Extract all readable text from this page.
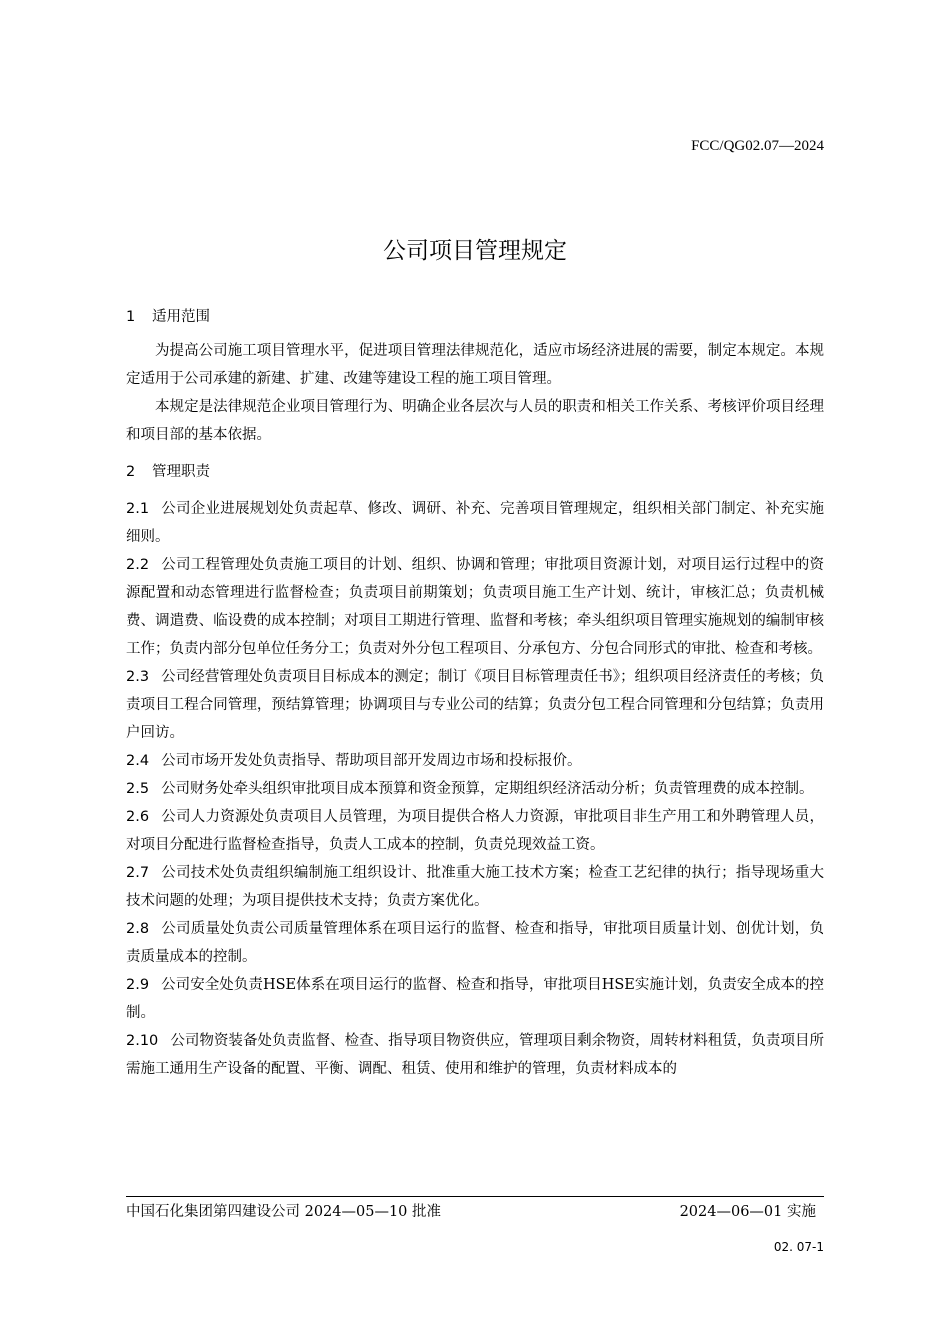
FCC/QG02.07—2024
公司项目管理规定
1 适用范围

为提高公司施工项目管理水平，促进项目管理法律规范化，适应市场经济进展的需要，制定本规定。本规定适用于公司承建的新建、扩建、改建等建设工程的施工项目管理。

本规定是法律规范企业项目管理行为、明确企业各层次与人员的职责和相关工作关系、考核评价项目经理和项目部的基本依据。

2 管理职责

2.1 公司企业进展规划处负责起草、修改、调研、补充、完善项目管理规定，组织相关部门制定、补充实施细则。

2.2 公司工程管理处负责施工项目的计划、组织、协调和管理；审批项目资源计划，对项目运行过程中的资源配置和动态管理进行监督检查；负责项目前期策划；负责项目施工生产计划、统计，审核汇总；负责机械费、调遣费、临设费的成本控制；对项目工期进行管理、监督和考核；牵头组织项目管理实施规划的编制审核工作；负责内部分包单位任务分工；负责对外分包工程项目、分承包方、分包合同形式的审批、检查和考核。

2.3 公司经营管理处负责项目目标成本的测定；制订《项目目标管理责任书》；组织项目经济责任的考核；负责项目工程合同管理，预结算管理；协调项目与专业公司的结算；负责分包工程合同管理和分包结算；负责用户回访。

2.4 公司市场开发处负责指导、帮助项目部开发周边市场和投标报价。

2.5 公司财务处牵头组织审批项目成本预算和资金预算，定期组织经济活动分析；负责管理费的成本控制。

2.6 公司人力资源处负责项目人员管理，为项目提供合格人力资源，审批项目非生产用工和外聘管理人员，对项目分配进行监督检查指导，负责人工成本的控制，负责兑现效益工资。

2.7 公司技术处负责组织编制施工组织设计、批准重大施工技术方案；检查工艺纪律的执行；指导现场重大技术问题的处理；为项目提供技术支持；负责方案优化。

2.8 公司质量处负责公司质量管理体系在项目运行的监督、检查和指导，审批项目质量计划、创优计划，负责质量成本的控制。

2.9 公司安全处负责HSE体系在项目运行的监督、检查和指导，审批项目HSE实施计划，负责安全成本的控制。

2.10 公司物资装备处负责监督、检查、指导项目物资供应，管理项目剩余物资，周转材料租赁，负责项目所需施工通用生产设备的配置、平衡、调配、租赁、使用和维护的管理，负责材料成本的

中国石化集团第四建设公司 2024—05—10 批准	2024—06—01 实施
02. 07-1
